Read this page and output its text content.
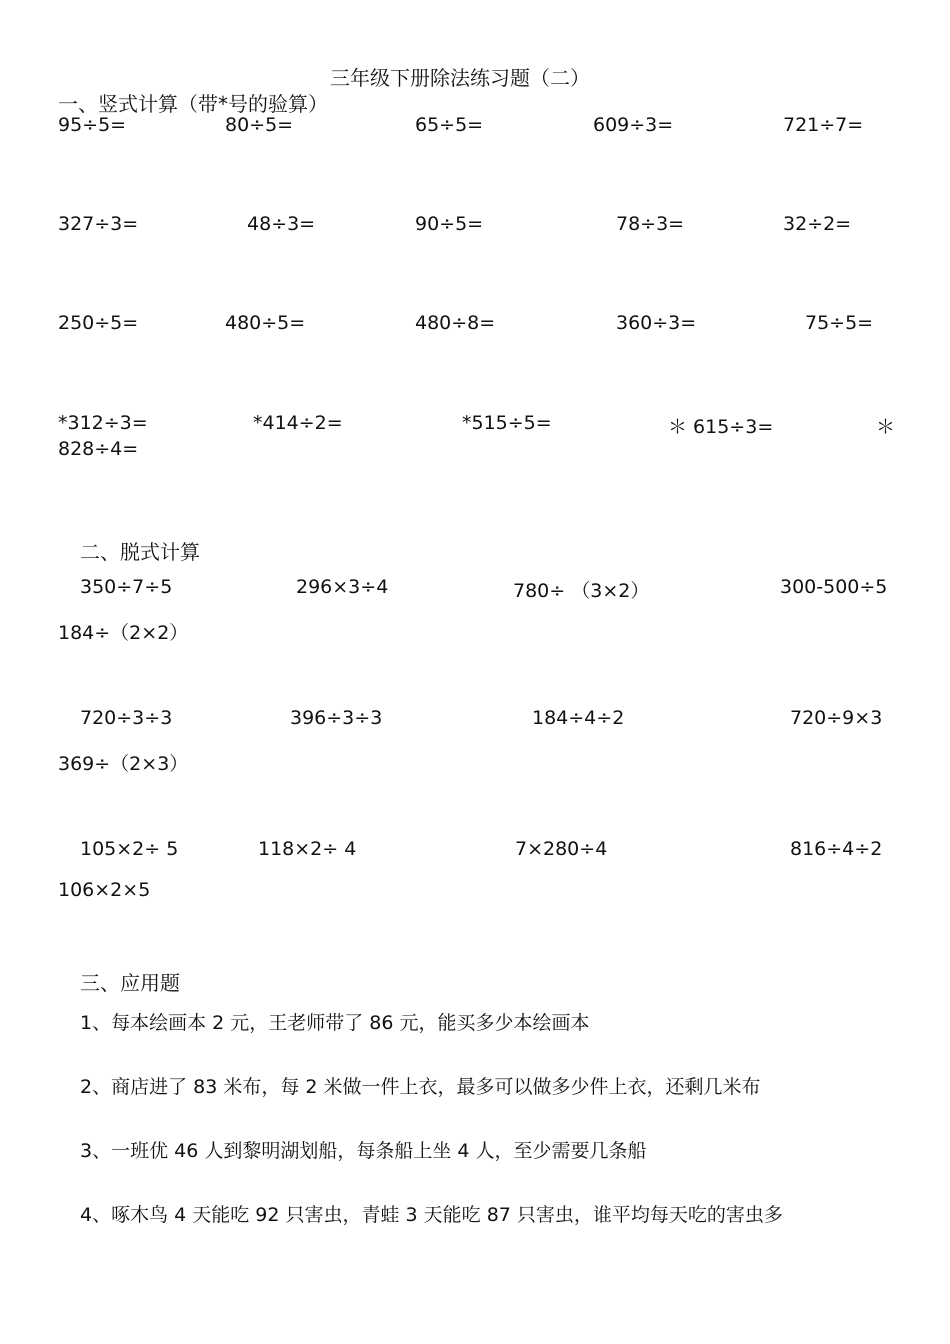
三年级下册除法练习题（二）
一、竖式计算（带*号的验算）
95÷5=	80÷5=	65÷5=	609÷3=	721÷7=
327÷3=	48÷3=	90÷5=	78÷3=	32÷2=
250÷5=	480÷5=	480÷8=	360÷3=	75÷5=
*312÷3=	*414÷2=	*515÷5=	＊ 615÷3=	＊
828÷4=
二、脱式计算
350÷7÷5	296×3÷4	780÷ （3×2）	300-500÷5
184÷（2×2）
720÷3÷3	396÷3÷3	184÷4÷2	720÷9×3
369÷（2×3）
105×2÷ 5	118×2÷ 4	7×280÷4	816÷4÷2
106×2×5
三、应用题
1、每本绘画本 2 元，王老师带了 86 元，能买多少本绘画本
2、商店进了 83 米布，每 2 米做一件上衣，最多可以做多少件上衣，还剩几米布
3、一班优 46 人到黎明湖划船，每条船上坐 4 人，至少需要几条船
4、啄木鸟 4 天能吃 92 只害虫，青蛙 3 天能吃 87 只害虫，谁平均每天吃的害虫多
